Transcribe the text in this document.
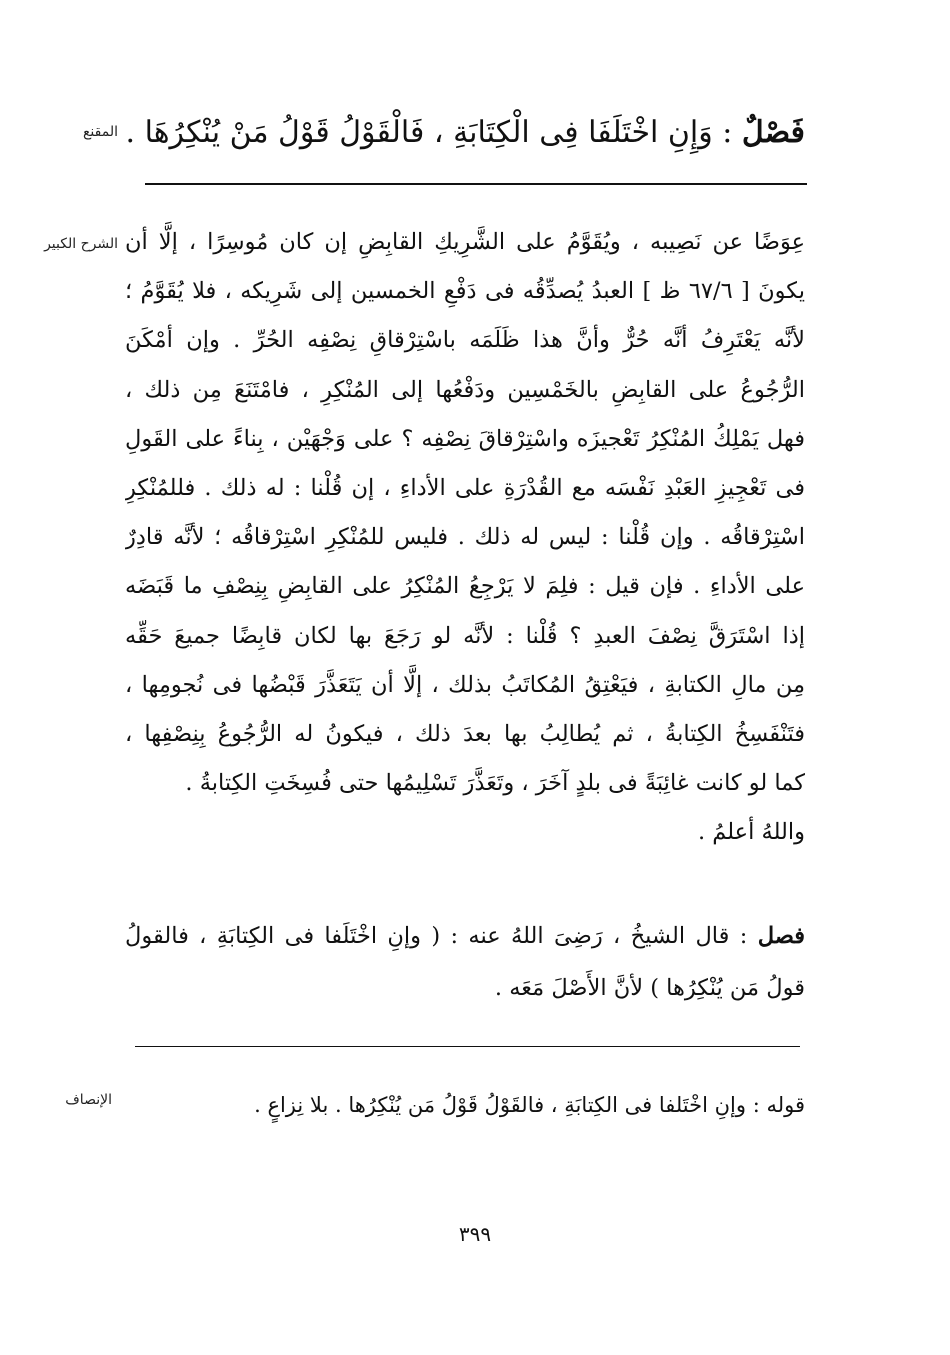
المقنع	فَصْلٌ : وَإِنِ اخْتَلَفَا فِى الْكِتَابَةِ ، فَالْقَوْلُ قَوْلُ مَنْ يُنْكِرُهَا .
الشرح الكبير عِوَضًا عن نَصِيبه ، ويُقَوَّمُ على الشَّرِيكِ القابِضِ إن كان مُوسِرًا ، إلَّا أن
يكونَ [ ٦٧/٦ ظ ] العبدُ يُصدِّقُه فى دَفْعِ الخمسين إلى شَرِيكه ، فلا يُقَوَّمُ ؛
لأنَّه يَعْتَرِفُ أنَّه حُرٌّ وأنَّ هذا ظَلَمَه باسْتِرْقاقِ نِصْفِه الحُرِّ . وإن أمْكَنَ
الرُّجُوعُ على القابِضِ بالخَمْسِين ودَفْعُها إلى المُنْكِرِ ، فامْتَنَعَ مِن ذلك ،
فهل يَمْلِكُ المُنْكِرُ تَعْجيزَه واسْتِرْقاقَ نِصْفِه ؟ على وَجْهَيْن ، بِناءً على القَولِ
فى تَعْجِيزِ العَبْدِ نَفْسَه مع القُدْرَةِ على الأداءِ ، إن قُلْنا : له ذلك . فللمُنْكِرِ
اسْتِرْقاقُه . وإن قُلْنا : ليس له ذلك . فليس للمُنْكِرِ اسْتِرْقاقُه ؛ لأنَّه قادِرٌ
على الأداءِ . فإن قيل : فلِمَ لا يَرْجِعُ المُنْكِرُ على القابِضِ بِنِصْفِ ما قَبَضَه
إذا اسْتَرَقَّ نِصْفَ العبدِ ؟ قُلْنا : لأنَّه لو رَجَعَ بها لكان قابِضًا جميعَ حَقِّه
مِن مالِ الكتابةِ ، فيَعْتِقُ المُكاتَبُ بذلك ، إلَّا أن يَتَعَذَّرَ قَبْضُها فى نُجومِها ،
فتَنْفَسِخُ الكِتابةُ ، ثم يُطالِبُ بها بعدَ ذلك ، فيكونُ له الرُّجُوعُ بِنِصْفِها ،
كما لو كانت غائِبَةً فى بلدٍ آخَرَ ، وتَعَذَّرَ تَسْلِيمُها حتى فُسِخَتِ الكِتابةُ .
واللهُ أعلمُ .
فصل : قال الشيخُ ، رَضِىَ اللهُ عنه : ( وإنِ اخْتَلَفا فى الكِتابَةِ ، فالقولُ
قولُ مَن يُنْكِرُها ) لأنَّ الأَصْلَ مَعَه .
الإنصاف	قوله : وإنِ اخْتَلفا فى الكِتابَةِ ، فالقَوْلُ قَوْلُ مَن يُنْكِرُها . بلا نِزاعٍ .
٣٩٩
